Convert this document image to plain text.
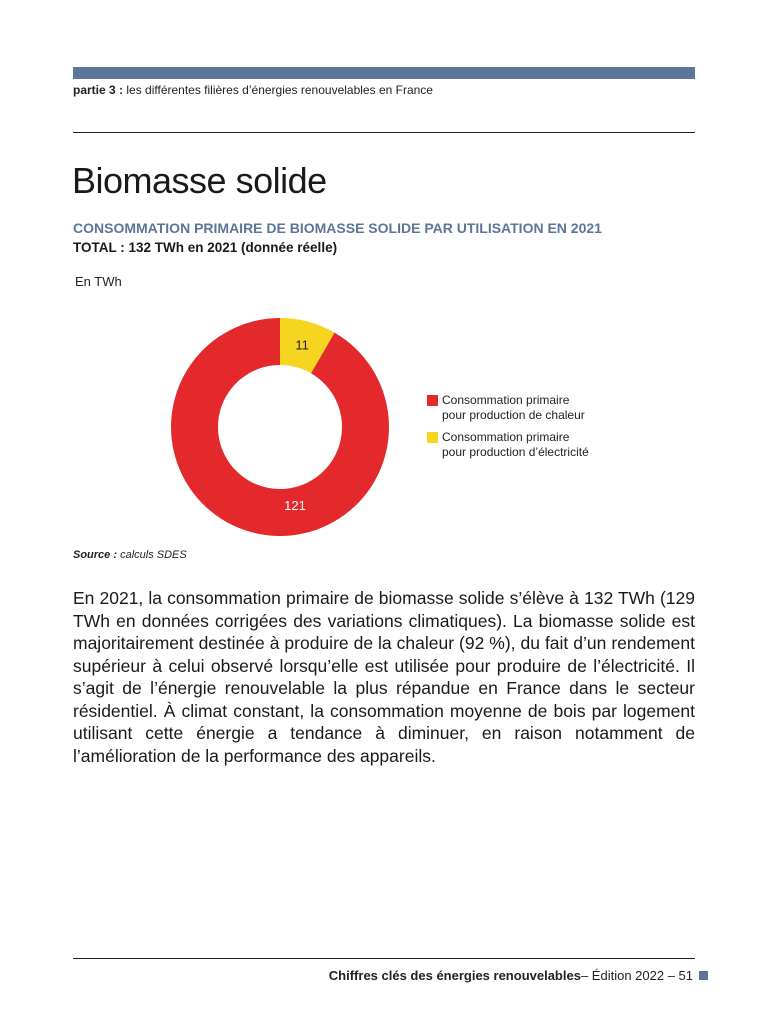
partie 3 : les différentes filières d’énergies renouvelables en France
Biomasse solide
CONSOMMATION PRIMAIRE DE BIOMASSE SOLIDE PAR UTILISATION EN 2021
TOTAL : 132 TWh en 2021 (donnée réelle)
En TWh
121
11
Consommation primaire
pour production de chaleur
Consommation primaire
pour production d’électricité
Source : calculs SDES

En 2021, la consommation primaire de biomasse solide s’élève à 132 TWh (129 TWh en données corrigées des variations climatiques). La biomasse solide est majoritairement destinée à produire de la chaleur (92 %), du fait d’un rendement supérieur à celui observé lorsqu’elle est utilisée pour produire de l’électricité. Il s’agit de l’énergie renouvelable la plus répandue en France dans le secteur résidentiel. À climat constant, la consommation moyenne de bois par logement utilisant cette énergie a tendance à diminuer, en raison notamment de l’amélioration de la performance des appareils.

Chiffres clés des énergies renouvelables – Édition 2022 – 51
